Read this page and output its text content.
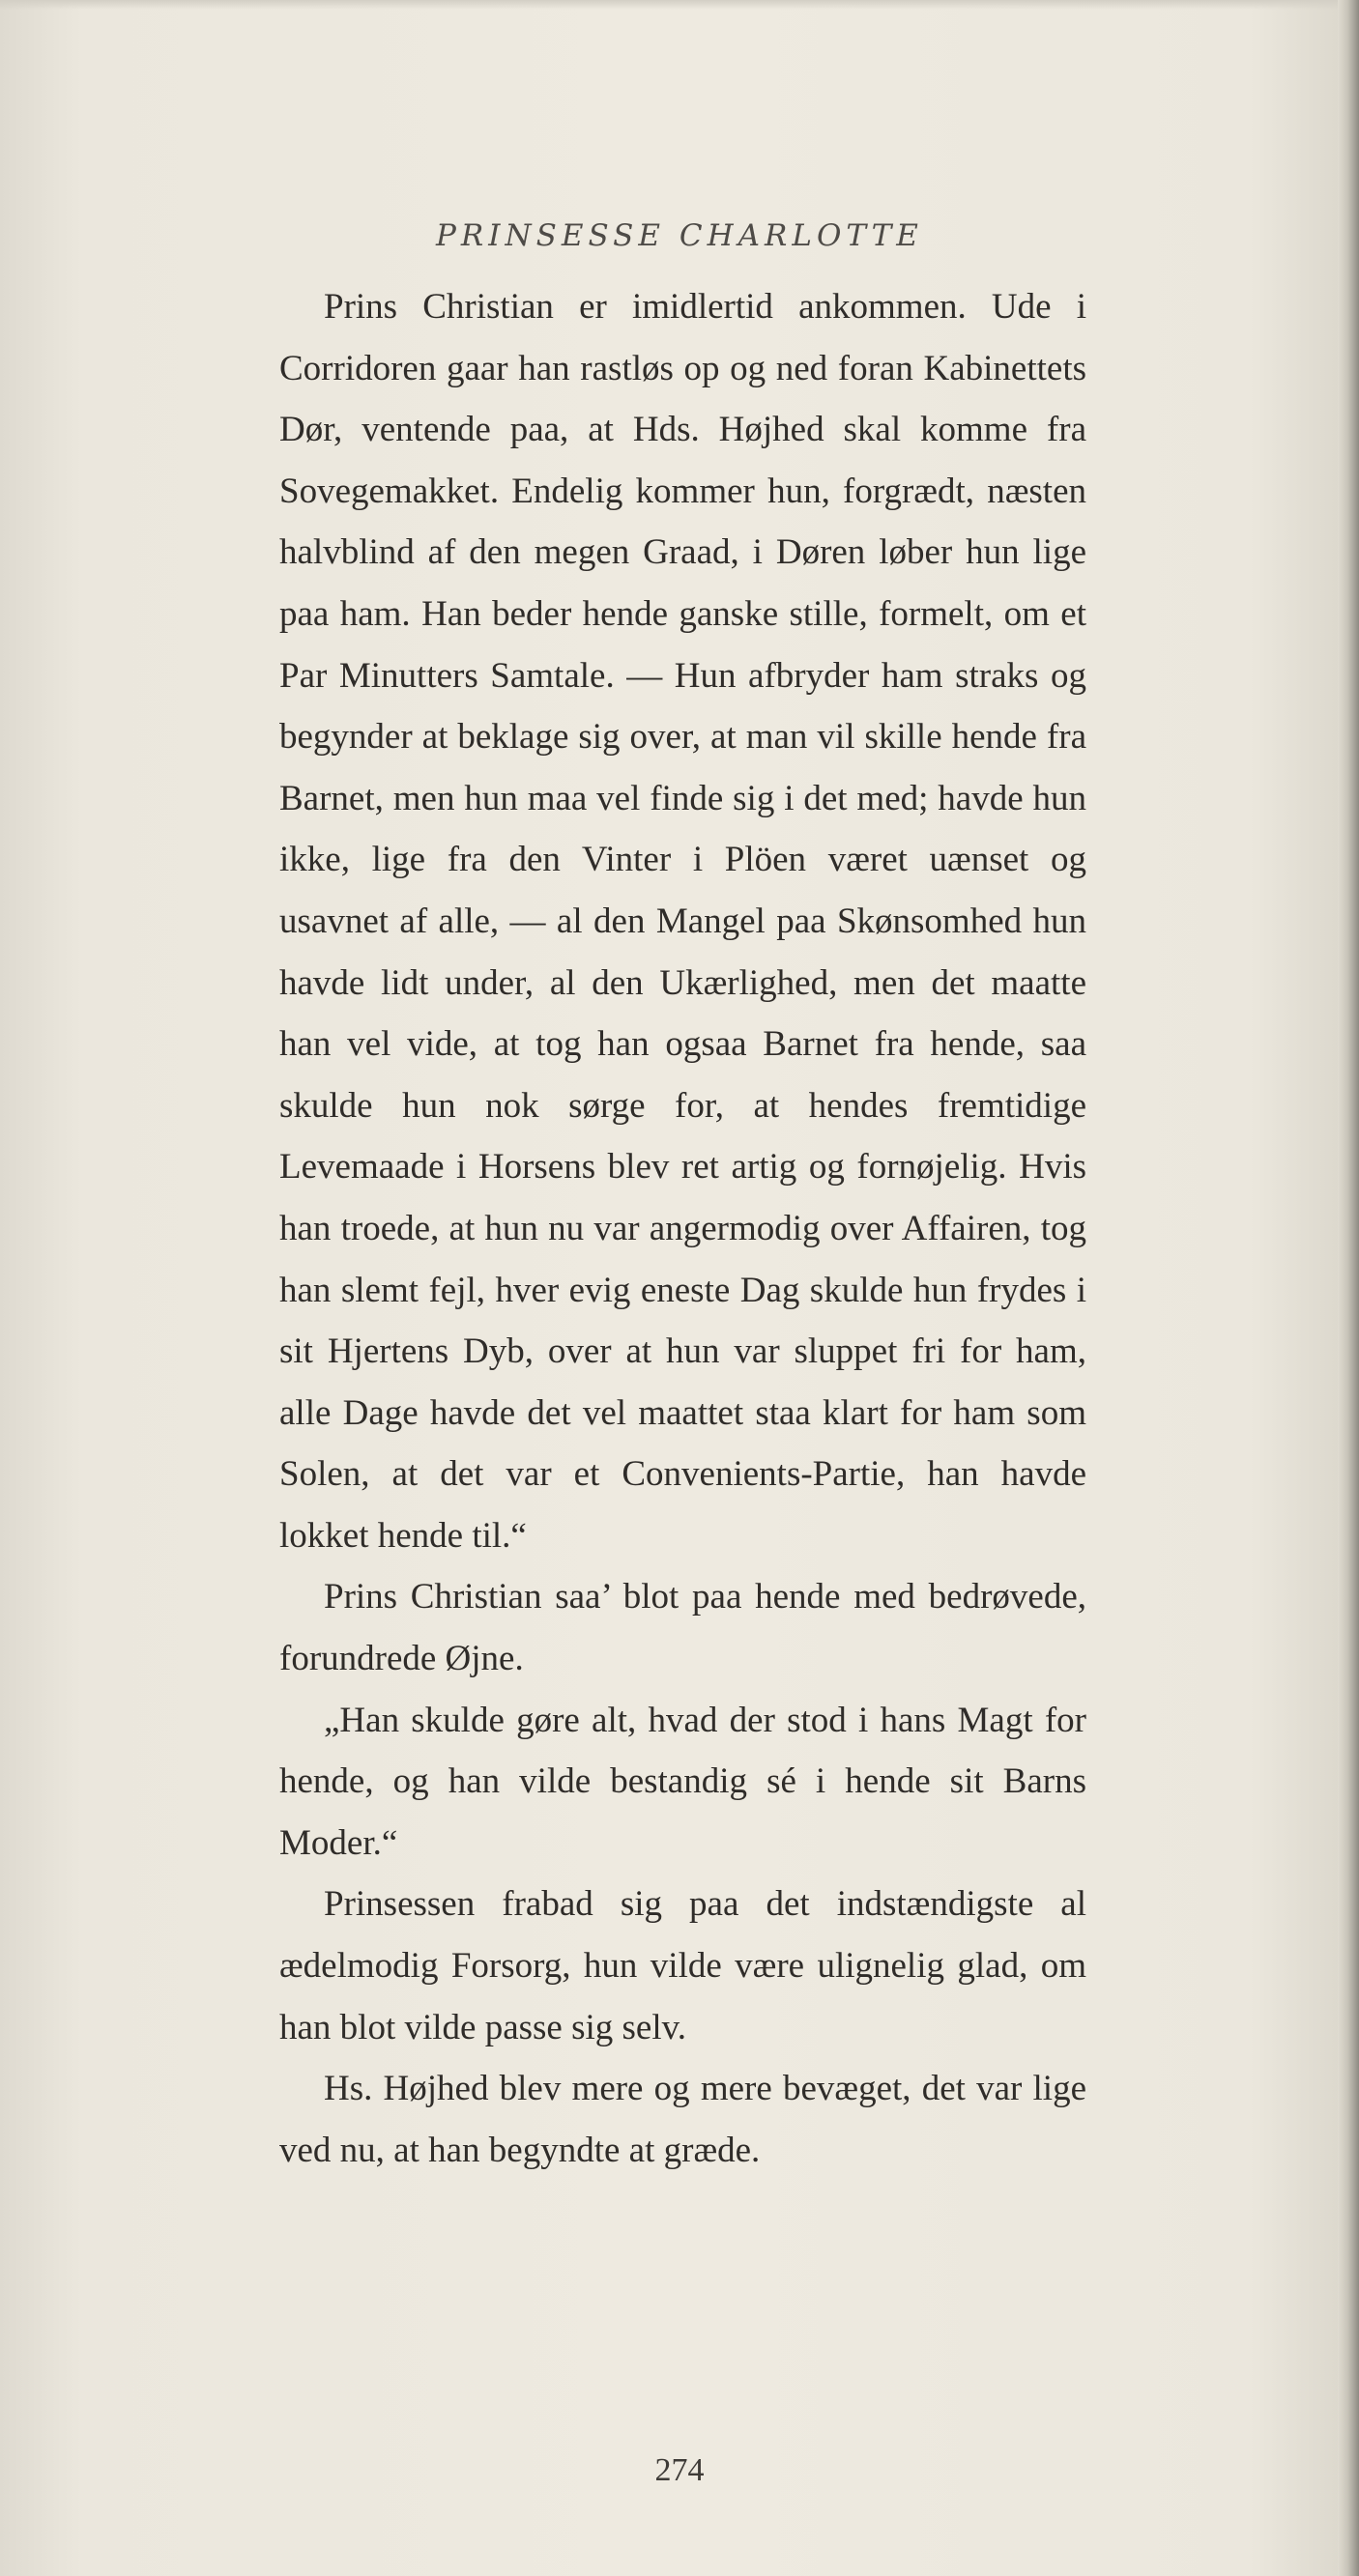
PRINSESSE CHARLOTTE

Prins Christian er imidlertid ankommen. Ude i Corridoren gaar han rastløs op og ned foran Kabinettets Dør, ventende paa, at Hds. Højhed skal komme fra Sovegemakket. Endelig kommer hun, forgrædt, næsten halvblind af den megen Graad, i Døren løber hun lige paa ham. Han beder hende ganske stille, formelt, om et Par Minutters Samtale. — Hun afbryder ham straks og begynder at beklage sig over, at man vil skille hende fra Barnet, men hun maa vel finde sig i det med; havde hun ikke, lige fra den Vinter i Plöen været uænset og usavnet af alle, — al den Mangel paa Skønsomhed hun havde lidt under, al den Ukærlighed, men det maatte han vel vide, at tog han ogsaa Barnet fra hende, saa skulde hun nok sørge for, at hendes fremtidige Levemaade i Horsens blev ret artig og fornøjelig. Hvis han troede, at hun nu var angermodig over Affairen, tog han slemt fejl, hver evig eneste Dag skulde hun frydes i sit Hjertens Dyb, over at hun var sluppet fri for ham, alle Dage havde det vel maattet staa klart for ham som Solen, at det var et Convenients-Partie, han havde lokket hende til.“

Prins Christian saa’ blot paa hende med bedrøvede, forundrede Øjne.

„Han skulde gøre alt, hvad der stod i hans Magt for hende, og han vilde bestandig sé i hende sit Barns Moder.“

Prinsessen frabad sig paa det indstændigste al ædelmodig Forsorg, hun vilde være ulignelig glad, om han blot vilde passe sig selv.

Hs. Højhed blev mere og mere bevæget, det var lige ved nu, at han begyndte at græde.

274
